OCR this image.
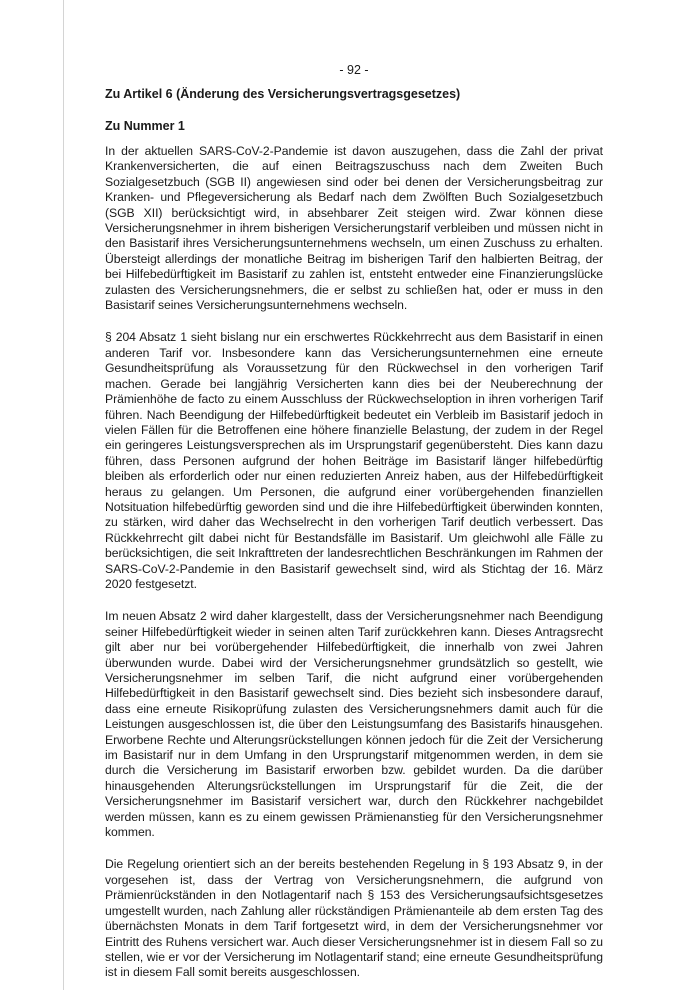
- 92 -

Zu Artikel 6 (Änderung des Versicherungsvertragsgesetzes)

Zu Nummer 1

In der aktuellen SARS-CoV-2-Pandemie ist davon auszugehen, dass die Zahl der privat Krankenversicherten, die auf einen Beitragszuschuss nach dem Zweiten Buch Sozialgesetzbuch (SGB II) angewiesen sind oder bei denen der Versicherungsbeitrag zur Kranken- und Pflegeversicherung als Bedarf nach dem Zwölften Buch Sozialgesetzbuch (SGB XII) berücksichtigt wird, in absehbarer Zeit steigen wird. Zwar können diese Versicherungsnehmer in ihrem bisherigen Versicherungstarif verbleiben und müssen nicht in den Basistarif ihres Versicherungsunternehmens wechseln, um einen Zuschuss zu erhalten. Übersteigt allerdings der monatliche Beitrag im bisherigen Tarif den halbierten Beitrag, der bei Hilfebedürftigkeit im Basistarif zu zahlen ist, entsteht entweder eine Finanzierungslücke zulasten des Versicherungsnehmers, die er selbst zu schließen hat, oder er muss in den Basistarif seines Versicherungsunternehmens wechseln.

§ 204 Absatz 1 sieht bislang nur ein erschwertes Rückkehrrecht aus dem Basistarif in einen anderen Tarif vor. Insbesondere kann das Versicherungsunternehmen eine erneute Gesundheitsprüfung als Voraussetzung für den Rückwechsel in den vorherigen Tarif machen. Gerade bei langjährig Versicherten kann dies bei der Neuberechnung der Prämienhöhe de facto zu einem Ausschluss der Rückwechseloption in ihren vorherigen Tarif führen. Nach Beendigung der Hilfebedürftigkeit bedeutet ein Verbleib im Basistarif jedoch in vielen Fällen für die Betroffenen eine höhere finanzielle Belastung, der zudem in der Regel ein geringeres Leistungsversprechen als im Ursprungstarif gegenübersteht. Dies kann dazu führen, dass Personen aufgrund der hohen Beiträge im Basistarif länger hilfebedürftig bleiben als erforderlich oder nur einen reduzierten Anreiz haben, aus der Hilfebedürftigkeit heraus zu gelangen. Um Personen, die aufgrund einer vorübergehenden finanziellen Notsituation hilfebedürftig geworden sind und die ihre Hilfebedürftigkeit überwinden konnten, zu stärken, wird daher das Wechselrecht in den vorherigen Tarif deutlich verbessert. Das Rückkehrrecht gilt dabei nicht für Bestandsfälle im Basistarif. Um gleichwohl alle Fälle zu berücksichtigen, die seit Inkrafttreten der landesrechtlichen Beschränkungen im Rahmen der SARS-CoV-2-Pandemie in den Basistarif gewechselt sind, wird als Stichtag der 16. März 2020 festgesetzt.

Im neuen Absatz 2 wird daher klargestellt, dass der Versicherungsnehmer nach Beendigung seiner Hilfebedürftigkeit wieder in seinen alten Tarif zurückkehren kann. Dieses Antragsrecht gilt aber nur bei vorübergehender Hilfebedürftigkeit, die innerhalb von zwei Jahren überwunden wurde. Dabei wird der Versicherungsnehmer grundsätzlich so gestellt, wie Versicherungsnehmer im selben Tarif, die nicht aufgrund einer vorübergehenden Hilfebedürftigkeit in den Basistarif gewechselt sind. Dies bezieht sich insbesondere darauf, dass eine erneute Risikoprüfung zulasten des Versicherungsnehmers damit auch für die Leistungen ausgeschlossen ist, die über den Leistungsumfang des Basistarifs hinausgehen. Erworbene Rechte und Alterungsrückstellungen können jedoch für die Zeit der Versicherung im Basistarif nur in dem Umfang in den Ursprungstarif mitgenommen werden, in dem sie durch die Versicherung im Basistarif erworben bzw. gebildet wurden. Da die darüber hinausgehenden Alterungsrückstellungen im Ursprungstarif für die Zeit, die der Versicherungsnehmer im Basistarif versichert war, durch den Rückkehrer nachgebildet werden müssen, kann es zu einem gewissen Prämienanstieg für den Versicherungsnehmer kommen.

Die Regelung orientiert sich an der bereits bestehenden Regelung in § 193 Absatz 9, in der vorgesehen ist, dass der Vertrag von Versicherungsnehmern, die aufgrund von Prämienrückständen in den Notlagentarif nach § 153 des Versicherungsaufsichtsgesetzes umgestellt wurden, nach Zahlung aller rückständigen Prämienanteile ab dem ersten Tag des übernächsten Monats in dem Tarif fortgesetzt wird, in dem der Versicherungsnehmer vor Eintritt des Ruhens versichert war. Auch dieser Versicherungsnehmer ist in diesem Fall so zu stellen, wie er vor der Versicherung im Notlagentarif stand; eine erneute Gesundheitsprüfung ist in diesem Fall somit bereits ausgeschlossen.
